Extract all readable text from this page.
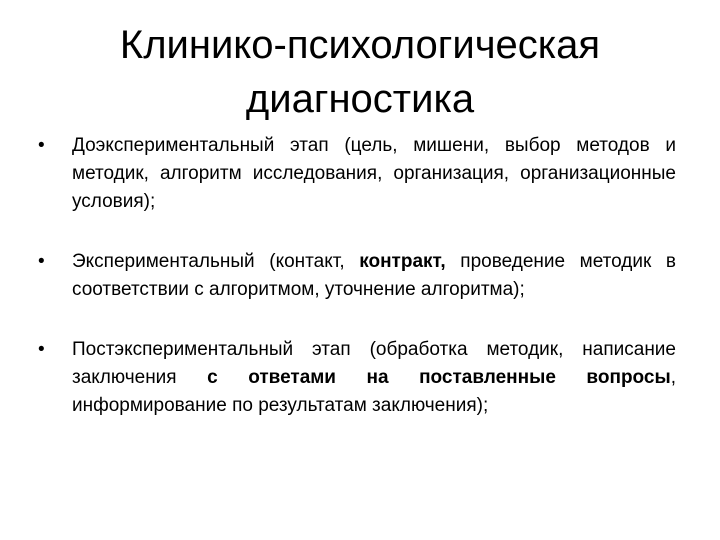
Клинико-психологическая
диагностика
• Доэкспериментальный этап (цель, мишени, выбор методов и методик, алгоритм исследования, организация, организационные условия);
• Экспериментальный (контакт, контракт, проведение методик в соответствии с алгоритмом, уточнение алгоритма);
• Постэкспериментальный этап (обработка методик, написание заключения с ответами на поставленные вопросы, информирование по результатам заключения);
